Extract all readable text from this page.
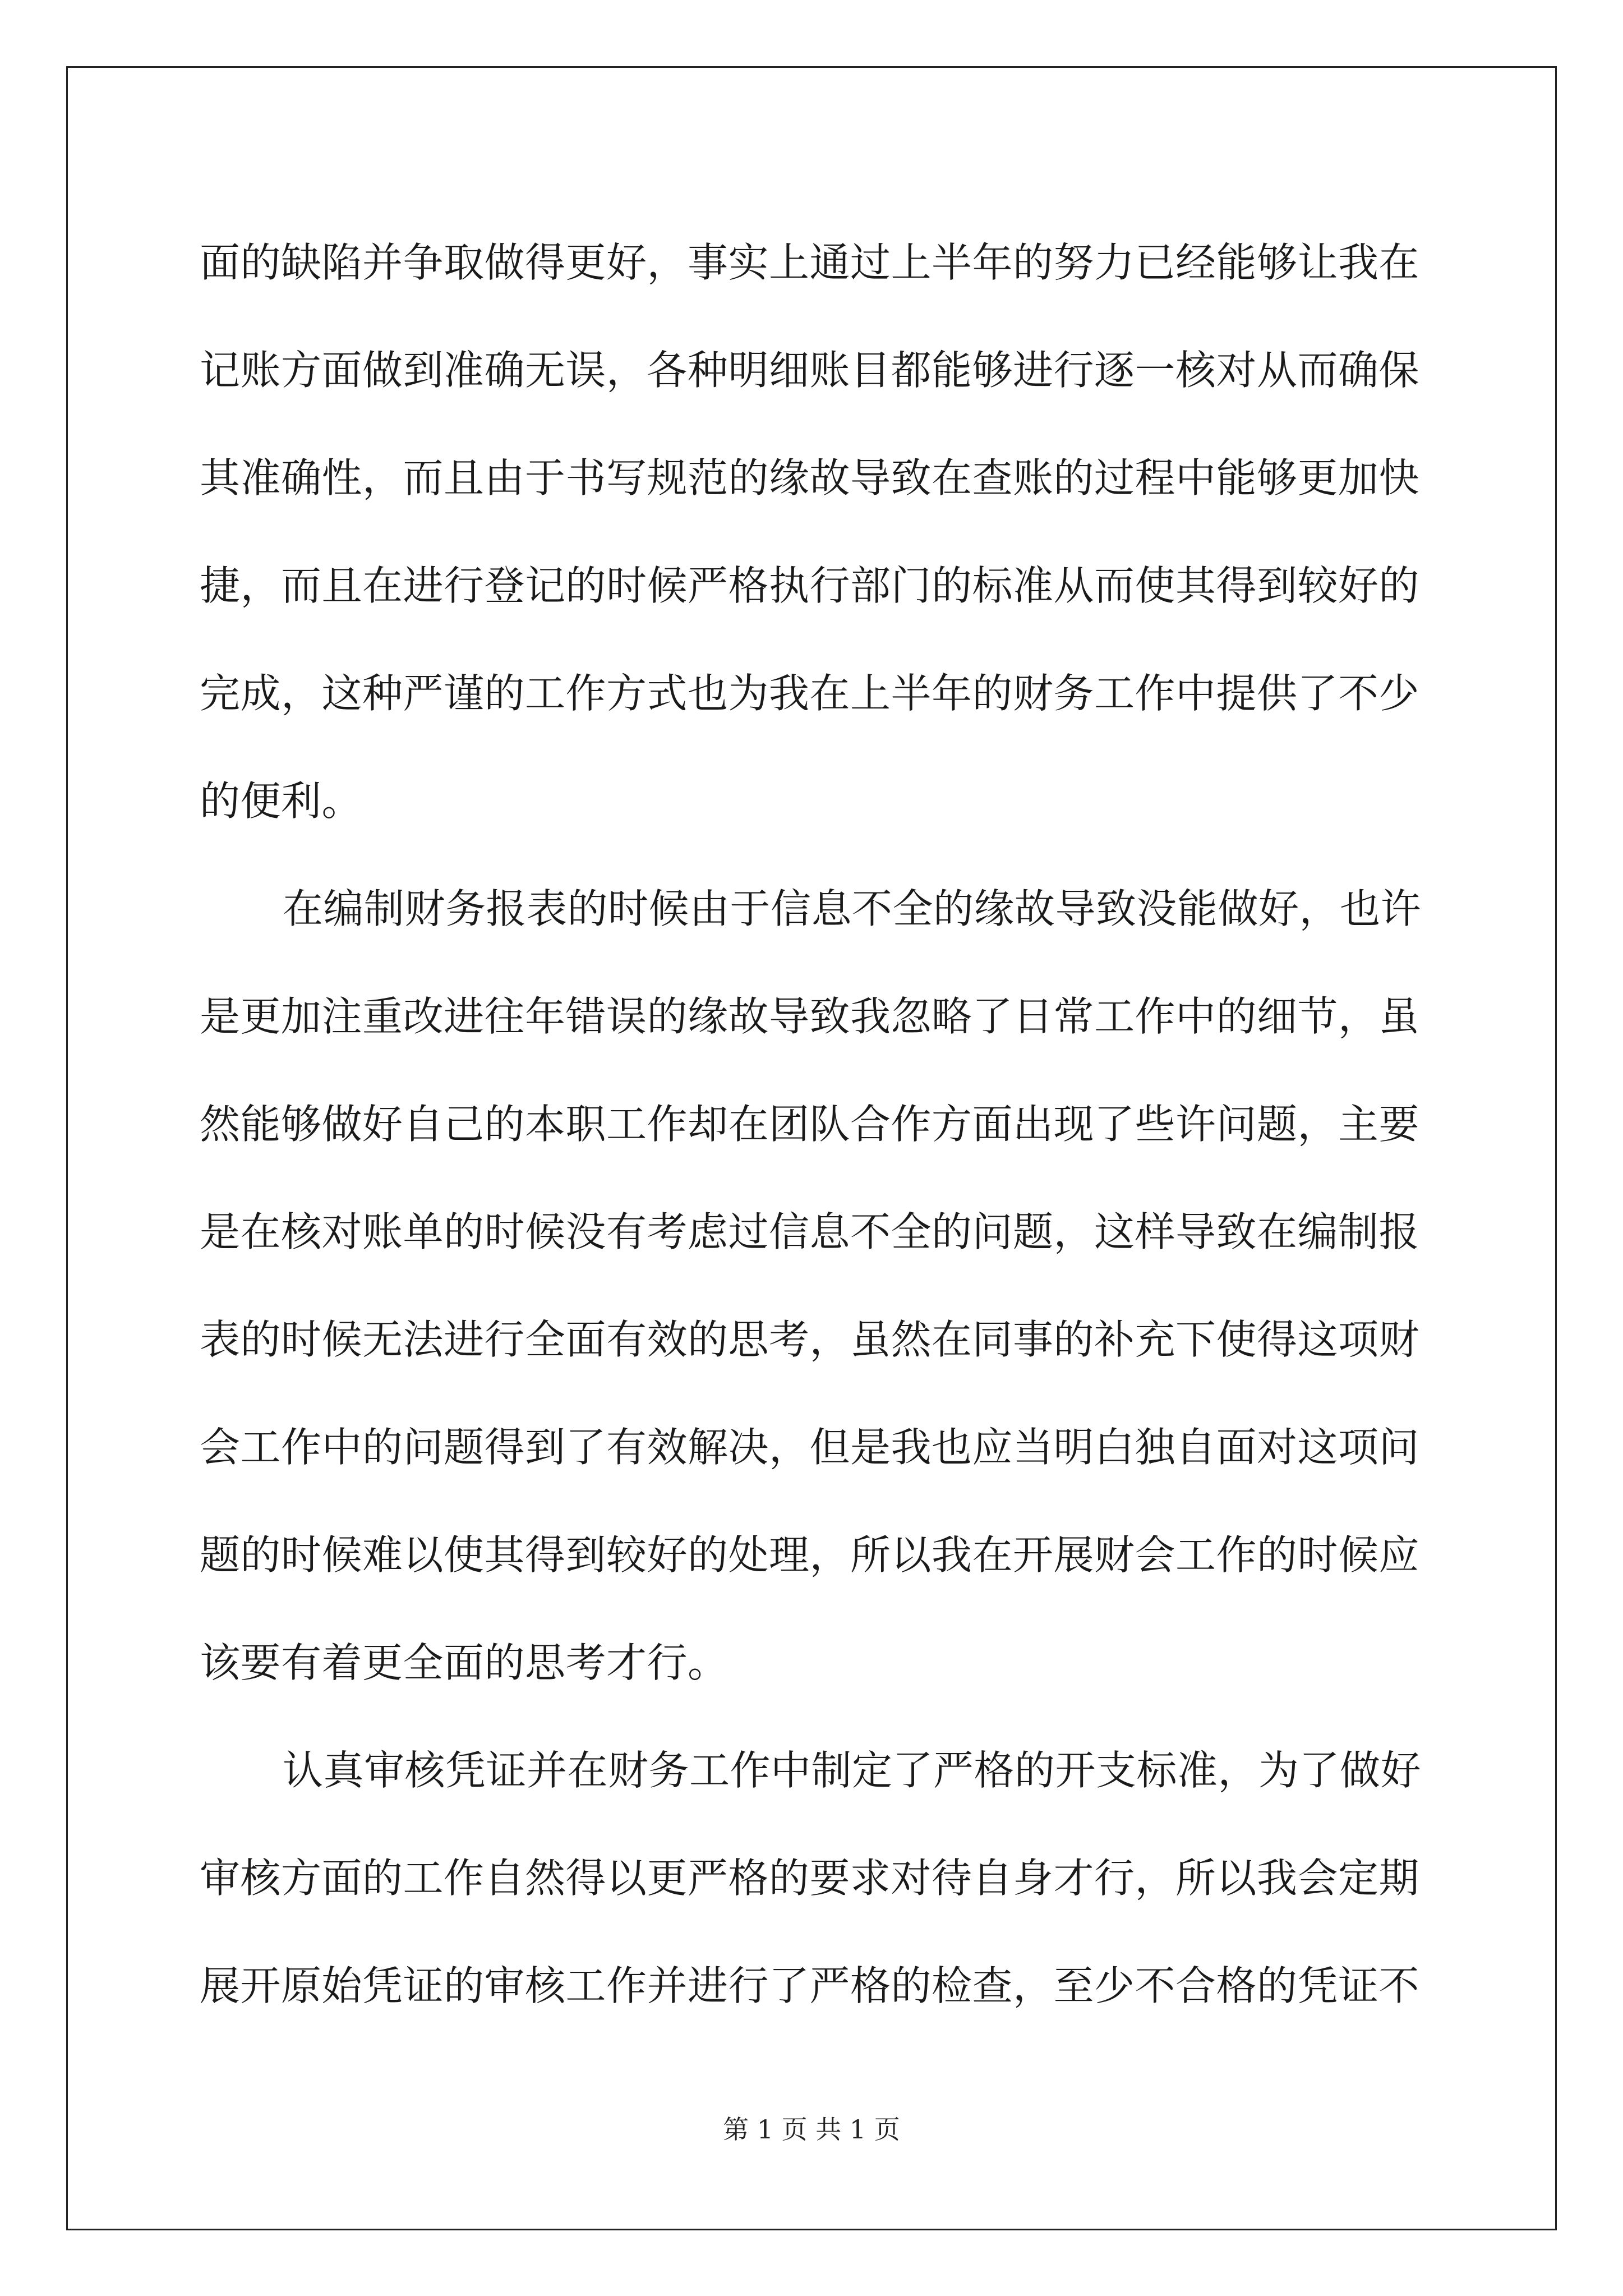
面的缺陷并争取做得更好，事实上通过上半年的努力已经能够让我在
记账方面做到准确无误，各种明细账目都能够进行逐一核对从而确保
其准确性，而且由于书写规范的缘故导致在查账的过程中能够更加快
捷，而且在进行登记的时候严格执行部门的标准从而使其得到较好的
完成，这种严谨的工作方式也为我在上半年的财务工作中提供了不少
的便利。
在编制财务报表的时候由于信息不全的缘故导致没能做好，也许
是更加注重改进往年错误的缘故导致我忽略了日常工作中的细节，虽
然能够做好自己的本职工作却在团队合作方面出现了些许问题，主要
是在核对账单的时候没有考虑过信息不全的问题，这样导致在编制报
表的时候无法进行全面有效的思考，虽然在同事的补充下使得这项财
会工作中的问题得到了有效解决，但是我也应当明白独自面对这项问
题的时候难以使其得到较好的处理，所以我在开展财会工作的时候应
该要有着更全面的思考才行。
认真审核凭证并在财务工作中制定了严格的开支标准，为了做好
审核方面的工作自然得以更严格的要求对待自身才行，所以我会定期
展开原始凭证的审核工作并进行了严格的检查，至少不合格的凭证不
第 1 页 共 1 页
